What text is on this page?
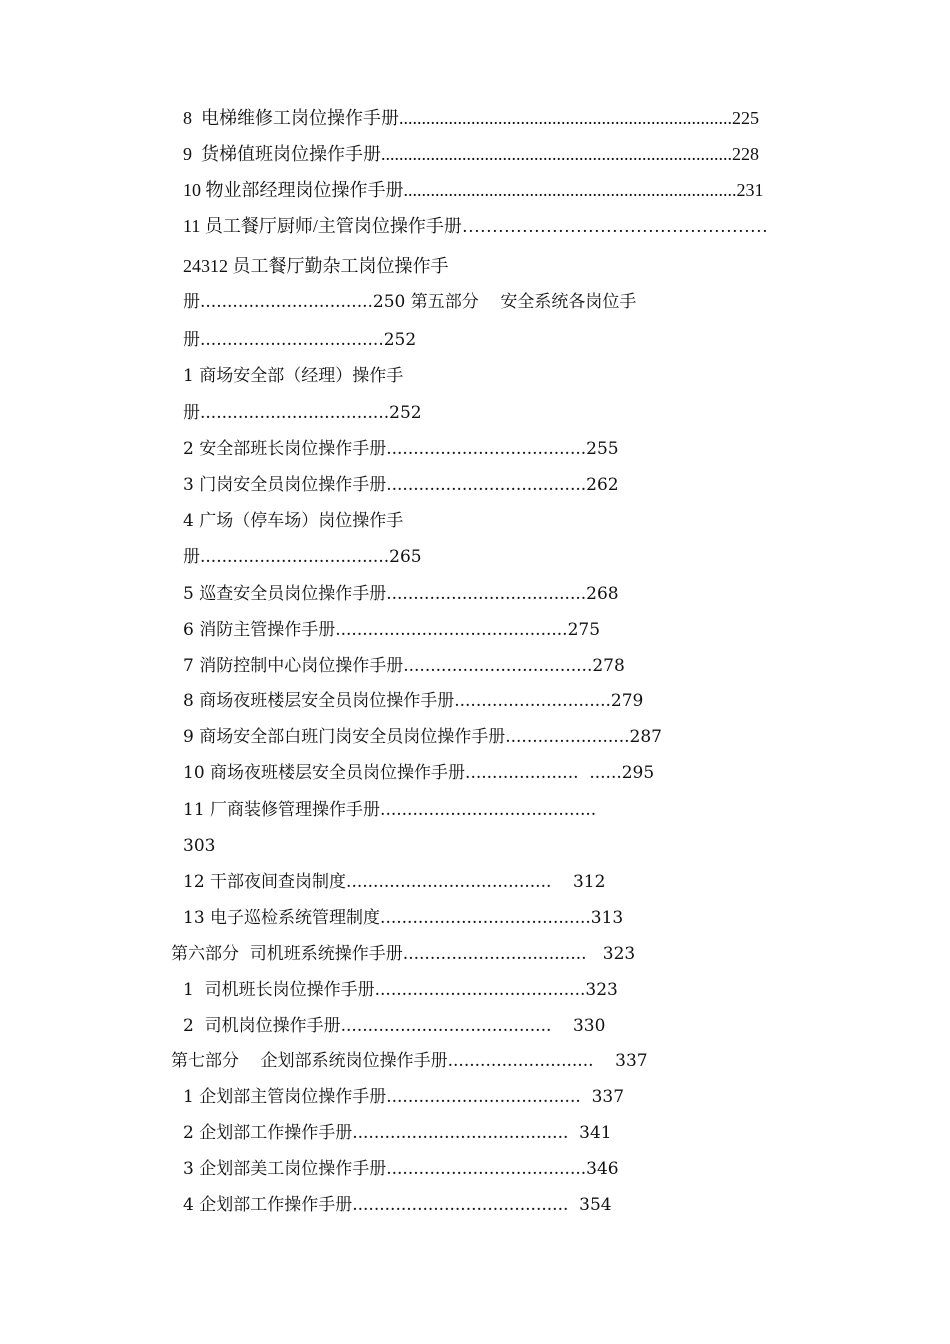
8  电梯维修工岗位操作手册..........................................................................225
9  货梯值班岗位操作手册..............................................................................228
10 物业部经理岗位操作手册..........................................................................231
11 员工餐厅厨师/主管岗位操作手册……………………………………………
24312 员工餐厅勤杂工岗位操作手
册................................250 第五部分    安全系统各岗位手
册..................................252
1 商场安全部（经理）操作手
册...................................252
2 安全部班长岗位操作手册.....................................255
3 门岗安全员岗位操作手册.....................................262
4 广场（停车场）岗位操作手
册...................................265
5 巡查安全员岗位操作手册.....................................268
6 消防主管操作手册...........................................275
7 消防控制中心岗位操作手册...................................278
8 商场夜班楼层安全员岗位操作手册.............................279
9 商场安全部白班门岗安全员岗位操作手册.......................287
10 商场夜班楼层安全员岗位操作手册.....................  ......295
11 厂商装修管理操作手册........................................
303
12 干部夜间查岗制度......................................    312
13 电子巡检系统管理制度.......................................313
第六部分  司机班系统操作手册..................................   323
1  司机班长岗位操作手册.......................................323
2  司机岗位操作手册.......................................    330
第七部分    企划部系统岗位操作手册...........................    337
1 企划部主管岗位操作手册....................................  337
2 企划部工作操作手册........................................  341
3 企划部美工岗位操作手册.....................................346
4 企划部工作操作手册........................................  354
